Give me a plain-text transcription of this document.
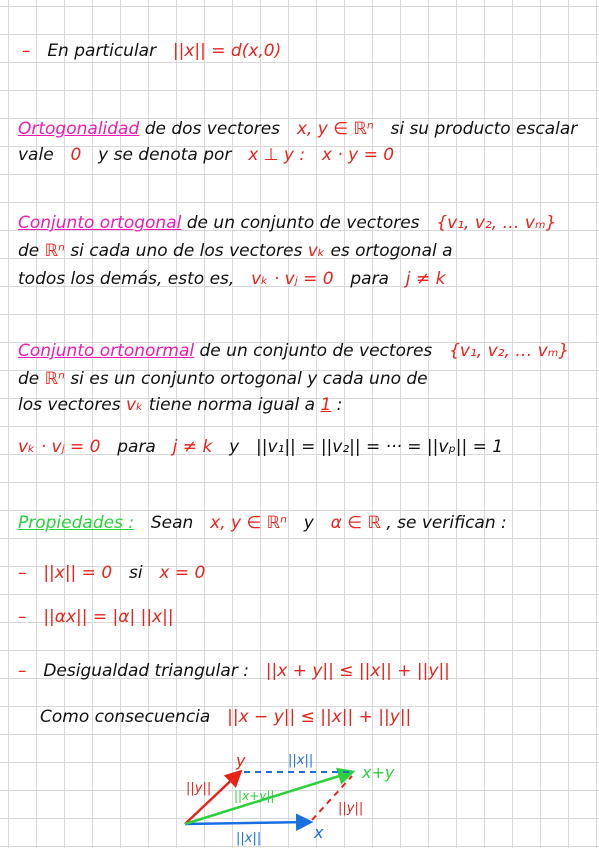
– En particular ||x|| = d(x,0)
Ortogonalidad de dos vectores x, y ∈ ℝⁿ si su producto escalar
vale 0 y se denota por x ⊥ y : x · y = 0
Conjunto ortogonal de un conjunto de vectores {v₁, v₂, … vₘ}
de ℝⁿ si cada uno de los vectores vₖ es ortogonal a
todos los demás, esto es, vₖ · vⱼ = 0 para j ≠ k
Conjunto ortonormal de un conjunto de vectores {v₁, v₂, … vₘ}
de ℝⁿ si es un conjunto ortogonal y cada uno de
los vectores vₖ tiene norma igual a 1 :
vₖ · vⱼ = 0 para j ≠ k y ||v₁|| = ||v₂|| = ··· = ||vₚ|| = 1
Propiedades : Sean x, y ∈ ℝⁿ y α ∈ ℝ , se verifican :
– ||x|| = 0 si x = 0
– ||αx|| = |α| ||x||
– Desigualdad triangular : ||x + y|| ≤ ||x|| + ||y||
Como consecuencia ||x − y|| ≤ ||x|| + ||y||
y
x
x+y
||y||
||x||
||x+y||
||y||
||x||
